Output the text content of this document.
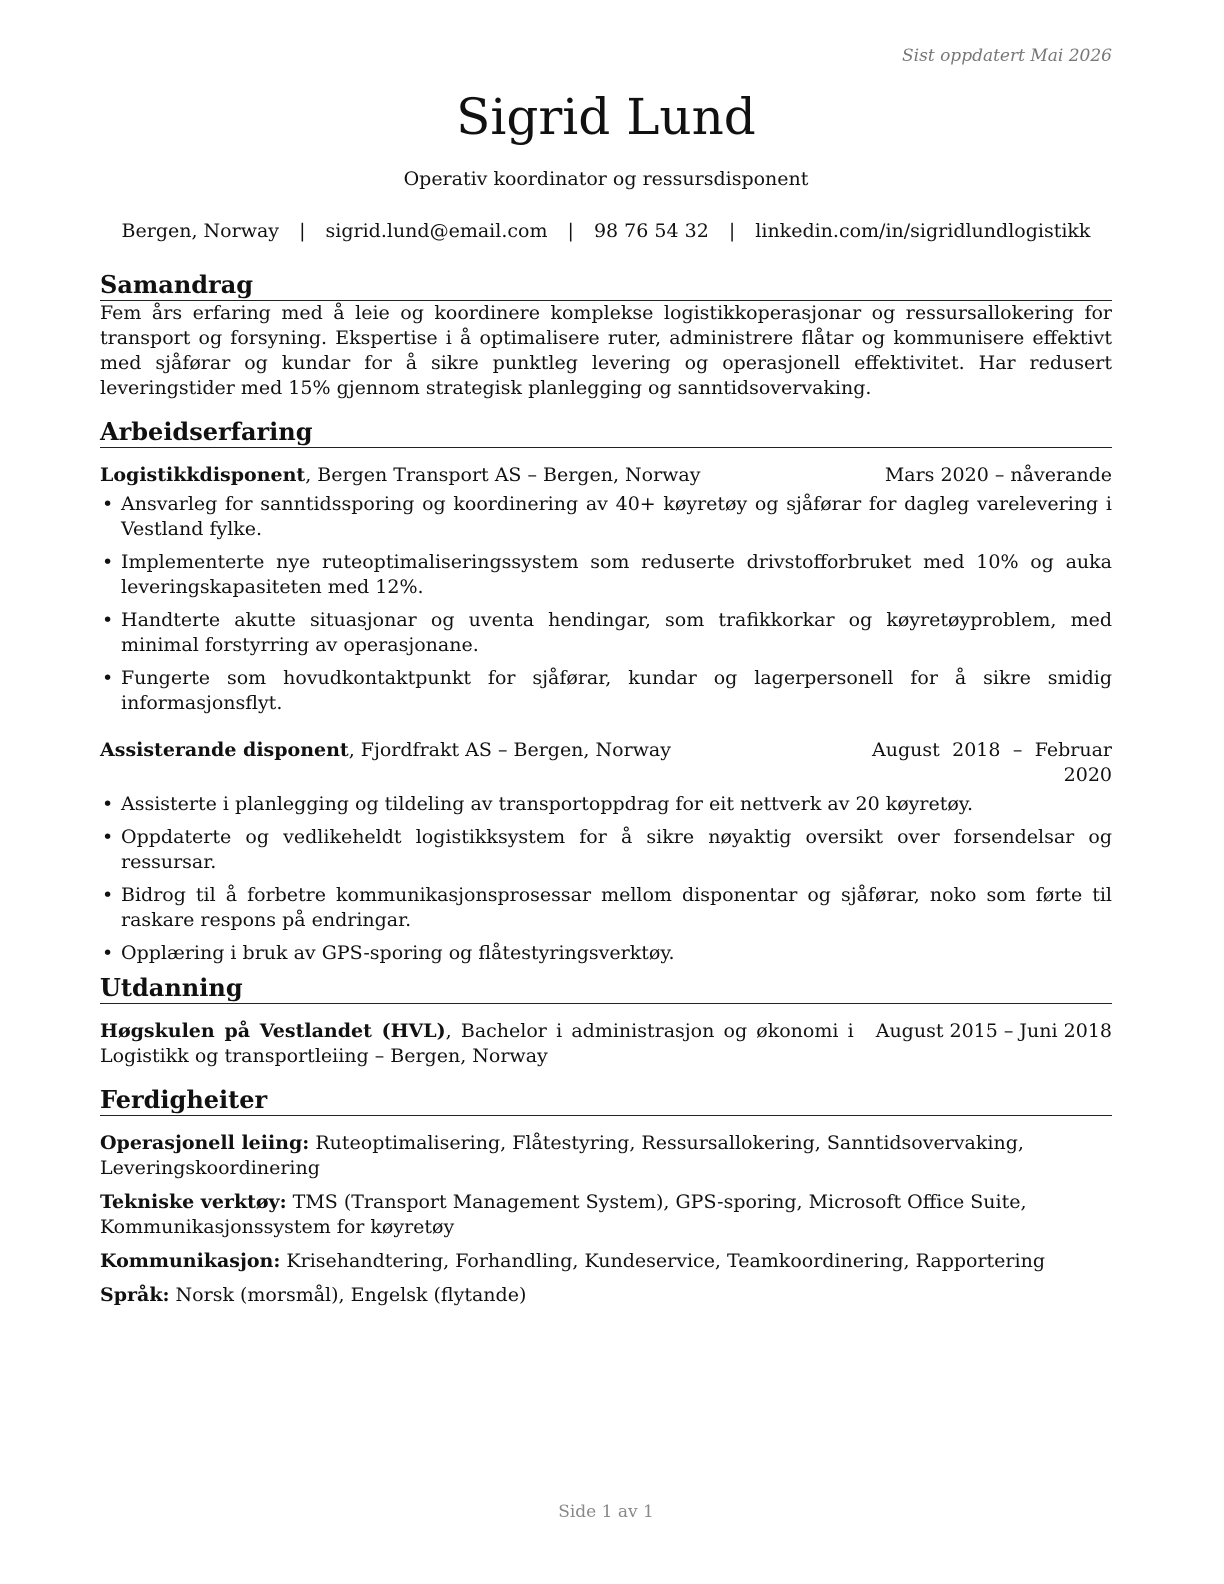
Sist oppdatert Mai 2026
Sigrid Lund
Operativ koordinator og ressursdisponent
Bergen, Norway | sigrid.lund@email.com | 98 76 54 32 | linkedin.com/in/sigridlundlogistikk
Samandrag

Fem års erfaring med å leie og koordinere komplekse logistikkoperasjonar og ressursallokering for transport og forsyning. Ekspertise i å optimalisere ruter, administrere flåtar og kommunisere effektivt med sjåførar og kundar for å sikre punktleg levering og operasjonell effektivitet. Har redusert leveringstider med 15% gjennom strategisk planlegging og sanntidsovervaking.

Arbeidserfaring
Logistikkdisponent, Bergen Transport AS – Bergen, Norway	Mars 2020 – nåverande
• Ansvarleg for sanntidssporing og koordinering av 40+ køyretøy og sjåførar for dagleg varelevering i Vestland fylke.
• Implementerte nye ruteoptimaliseringssystem som reduserte drivstofforbruket med 10% og auka leveringskapasiteten med 12%.
• Handterte akutte situasjonar og uventa hendingar, som trafikkorkar og køyretøyproblem, med minimal forstyrring av operasjonane.
• Fungerte som hovudkontaktpunkt for sjåførar, kundar og lagerpersonell for å sikre smidig informasjonsflyt.
Assisterande disponent, Fjordfrakt AS – Bergen, Norway	August 2018 – Februar 2020
• Assisterte i planlegging og tildeling av transportoppdrag for eit nettverk av 20 køyretøy.
• Oppdaterte og vedlikeheldt logistikksystem for å sikre nøyaktig oversikt over forsendelsar og ressursar.
• Bidrog til å forbetre kommunikasjonsprosessar mellom disponentar og sjåførar, noko som førte til raskare respons på endringar.
• Opplæring i bruk av GPS-sporing og flåtestyringsverktøy.
Utdanning
Høgskulen på Vestlandet (HVL), Bachelor i administrasjon og økonomi i Logistikk og transportleiing – Bergen, Norway
August 2015 – Juni 2018
Ferdigheiter

Operasjonell leiing: Ruteoptimalisering, Flåtestyring, Ressursallokering, Sanntidsovervaking, Leveringskoordinering

Tekniske verktøy: TMS (Transport Management System), GPS-sporing, Microsoft Office Suite, Kommunikasjonssystem for køyretøy

Kommunikasjon: Krisehandtering, Forhandling, Kundeservice, Teamkoordinering, Rapportering

Språk: Norsk (morsmål), Engelsk (flytande)

Side 1 av 1
